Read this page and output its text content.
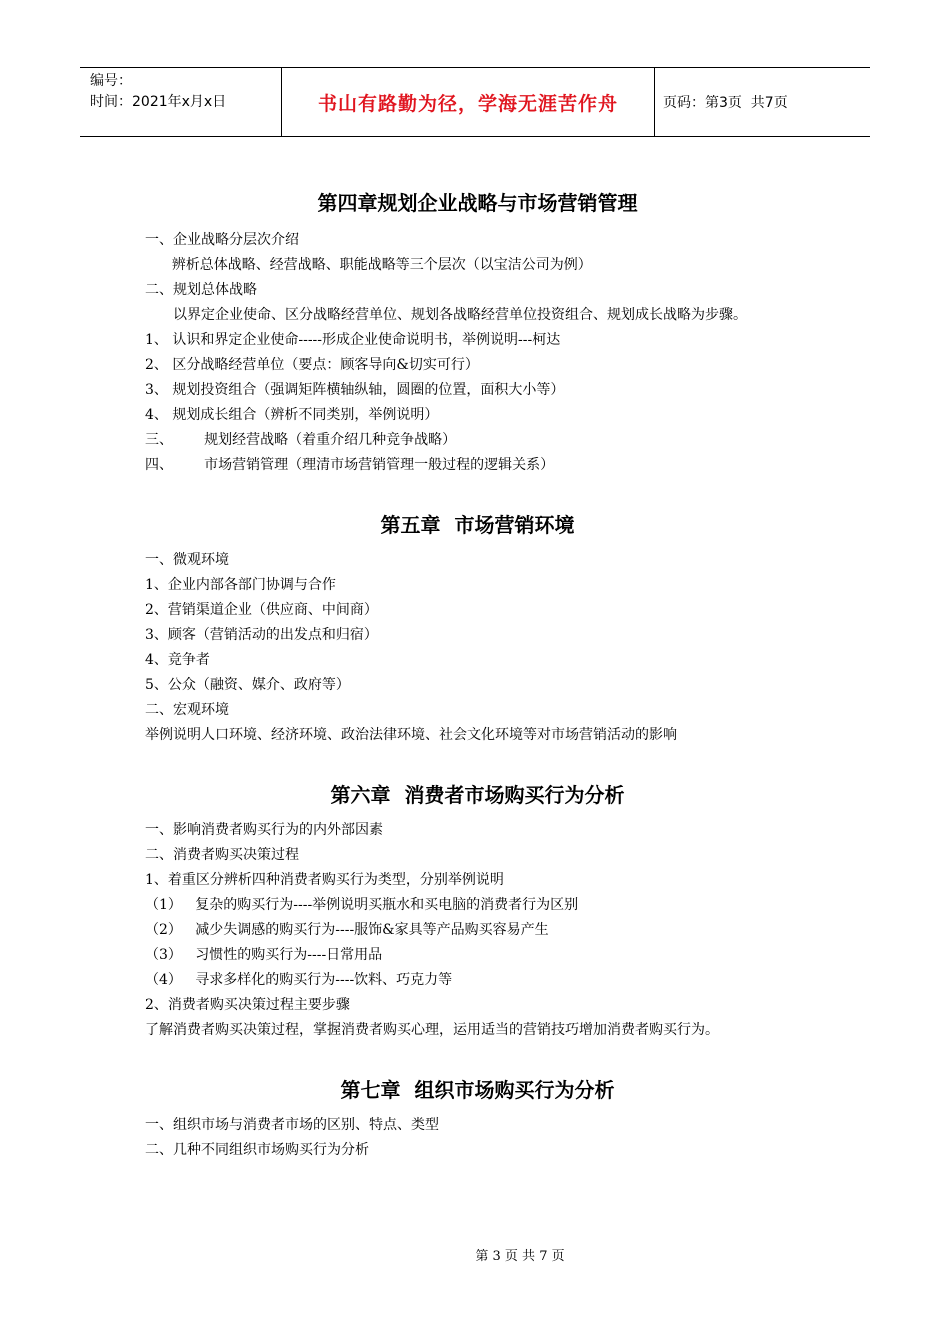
编号：
时间：2021年x月x日	书山有路勤为径，学海无涯苦作舟	页码：第3页  共7页
第四章规划企业战略与市场营销管理

一、企业战略分层次介绍

辨析总体战略、经营战略、职能战略等三个层次（以宝洁公司为例）

二、规划总体战略

以界定企业使命、区分战略经营单位、规划各战略经营单位投资组合、规划成长战略为步骤。

1、 认识和界定企业使命-----形成企业使命说明书，举例说明---柯达

2、 区分战略经营单位（要点：顾客导向&切实可行）

3、 规划投资组合（强调矩阵横轴纵轴，圆圈的位置，面积大小等）

4、 规划成长组合（辨析不同类别，举例说明）

三、       规划经营战略（着重介绍几种竞争战略）

四、       市场营销管理（理清市场营销管理一般过程的逻辑关系）

第五章  市场营销环境

一、微观环境

1、企业内部各部门协调与合作

2、营销渠道企业（供应商、中间商）

3、顾客（营销活动的出发点和归宿）

4、竞争者

5、公众（融资、媒介、政府等）

二、宏观环境

举例说明人口环境、经济环境、政治法律环境、社会文化环境等对市场营销活动的影响

第六章  消费者市场购买行为分析

一、影响消费者购买行为的内外部因素

二、消费者购买决策过程

1、着重区分辨析四种消费者购买行为类型，分别举例说明

（1）   复杂的购买行为----举例说明买瓶水和买电脑的消费者行为区别

（2）   减少失调感的购买行为----服饰&家具等产品购买容易产生

（3）   习惯性的购买行为----日常用品

（4）   寻求多样化的购买行为----饮料、巧克力等

2、消费者购买决策过程主要步骤

了解消费者购买决策过程，掌握消费者购买心理，运用适当的营销技巧增加消费者购买行为。

第七章  组织市场购买行为分析

一、组织市场与消费者市场的区别、特点、类型

二、几种不同组织市场购买行为分析

第 3 页 共 7 页
